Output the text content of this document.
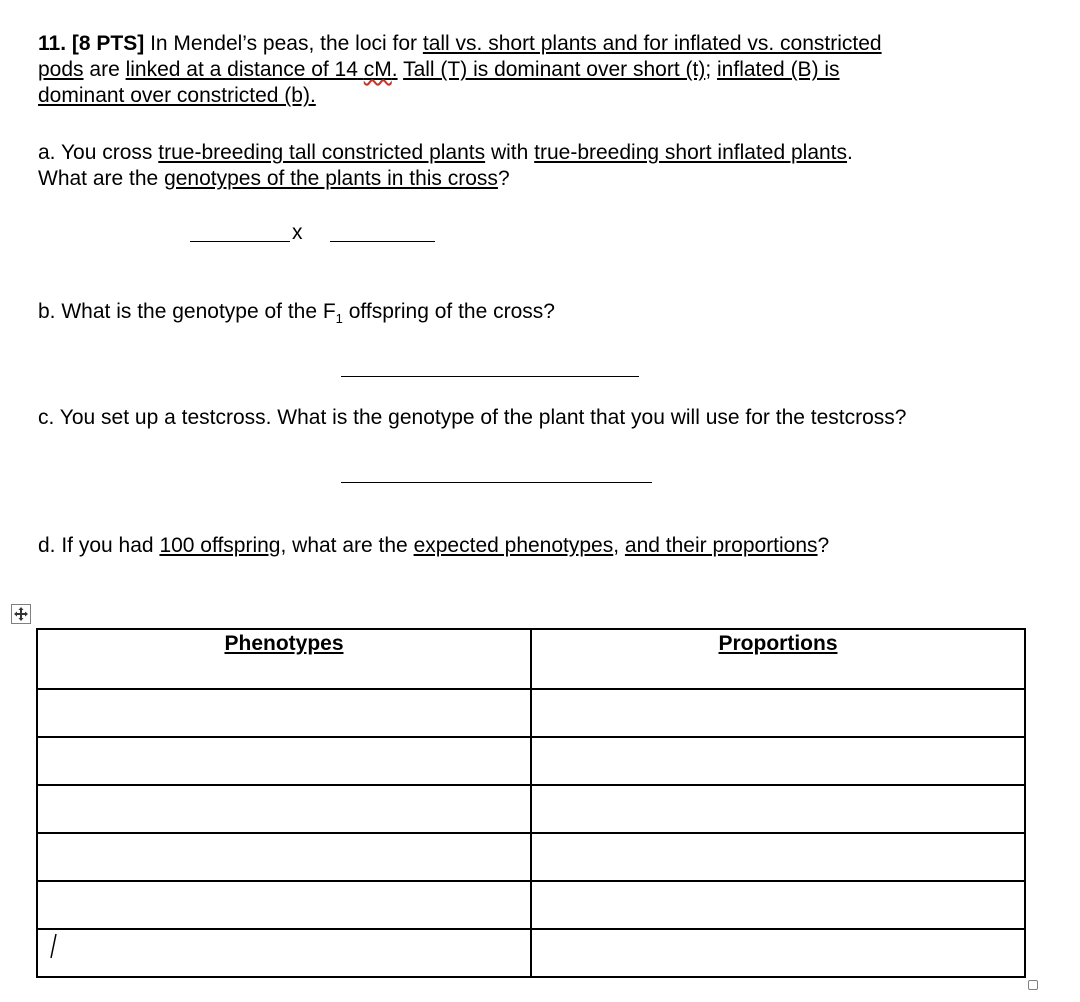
11. [8 PTS] In Mendel’s peas, the loci for tall vs. short plants and for inflated vs. constricted
pods are linked at a distance of 14 cM. Tall (T) is dominant over short (t); inflated (B) is
dominant over constricted (b).
a. You cross true-breeding tall constricted plants with true-breeding short inflated plants.
What are the genotypes of the plants in this cross?
x
b. What is the genotype of the $F_1$ offspring of the cross?
c. You set up a testcross. What is the genotype of the plant that you will use for the testcross?
d. If you had 100 offspring, what are the expected phenotypes, and their proportions?
Phenotypes	Proportions
